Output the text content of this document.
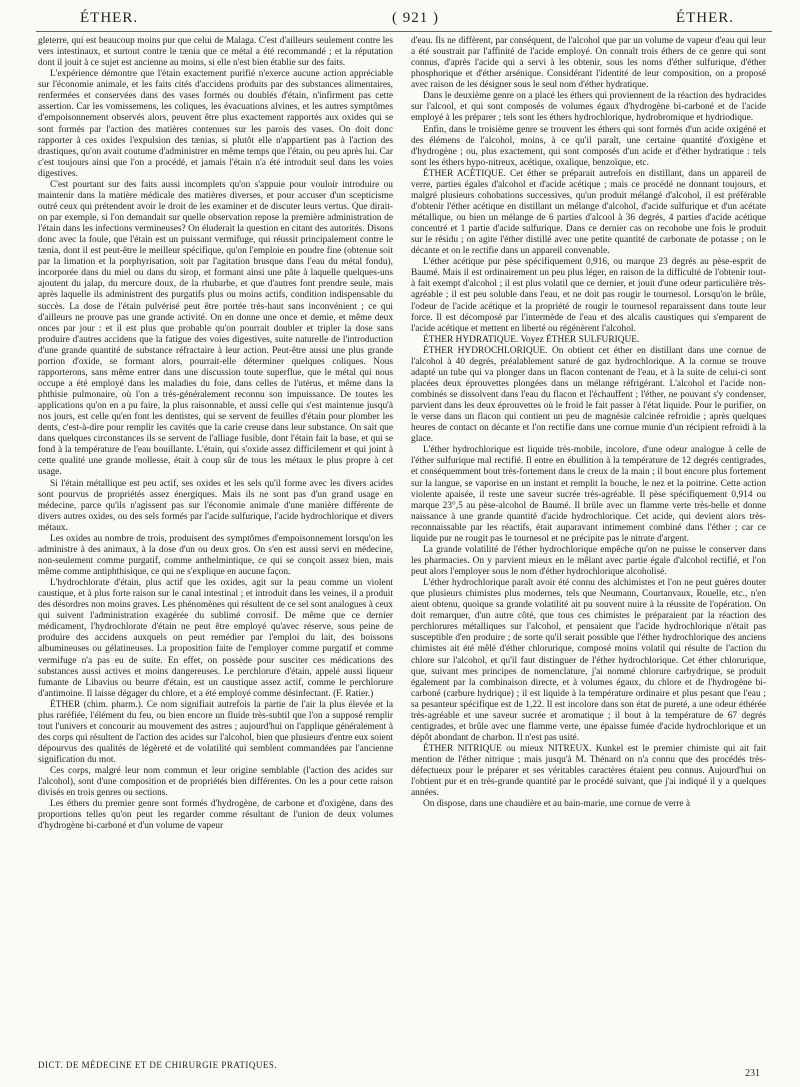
ÉTHER.	( 921 )	ÉTHER.

gleterre, qui est beaucoup moins pur que celui de Malaga. C'est d'ailleurs seulement contre les vers intestinaux, et surtout contre le tænia que ce métal a été recommandé ; et la réputation dont il jouit à ce sujet est ancienne au moins, si elle n'est bien établie sur des faits.

L'expérience démontre que l'étain exactement purifié n'exerce aucune action appréciable sur l'économie animale, et les faits cités d'accidens produits par des substances alimentaires, renfermées et conservées dans des vases formés ou doublés d'étain, n'infirment pas cette assertion. Car les vomissemens, les coliques, les évacuations alvines, et les autres symptômes d'empoisonnement observés alors, peuvent être plus exactement rapportés aux oxides qui se sont formés par l'action des matières contenues sur les parois des vases. On doit donc rapporter à ces oxides l'expulsion des tænias, si plutôt elle n'appartient pas à l'action des drastiques, qu'on avait coutume d'administrer en même temps que l'étain, ou peu après lui. Car c'est toujours ainsi que l'on a procédé, et jamais l'étain n'a été introduit seul dans les voies digestives.

C'est pourtant sur des faits aussi incomplets qu'on s'appuie pour vouloir introduire ou maintenir dans la matière médicale des matières diverses, et pour accuser d'un scepticisme outré ceux qui prétendent avoir le droit de les examiner et de discuter leurs vertus. Que dirait-on par exemple, si l'on demandait sur quelle observation repose la première administration de l'étain dans les infections vermineuses? On éluderait la question en citant des autorités. Disons donc avec la foule, que l'étain est un puissant vermifuge, qui réussit principalement contre le tænia, dont il est peut-être le meilleur spécifique, qu'on l'emploie en poudre fine (obtenue soit par la limation et la porphyrisation, soit par l'agitation brusque dans l'eau du métal fondu), incorporée dans du miel ou dans du sirop, et formant ainsi une pâte à laquelle quelques-uns ajoutent du jalap, du mercure doux, de la rhubarbe, et que d'autres font prendre seule, mais après laquelle ils administrent des purgatifs plus ou moins actifs, condition indispensable du succès. La dose de l'étain pulvérisé peut être portée très-haut sans inconvénient ; ce qui d'ailleurs ne prouve pas une grande activité. On en donne une once et demie, et même deux onces par jour : et il est plus que probable qu'on pourrait doubler et tripler la dose sans produire d'autres accidens que la fatigue des voies digestives, suite naturelle de l'introduction d'une grande quantité de substance réfractaire à leur action. Peut-être aussi une plus grande portion d'oxide, se formant alors, pourrait-elle déterminer quelques coliques. Nous rapporterons, sans même entrer dans une discussion toute superflue, que le métal qui nous occupe a été employé dans les maladies du foie, dans celles de l'utérus, et même dans la phthisie pulmonaire, où l'on a très-généralement reconnu son impuissance. De toutes les applications qu'on en a pu faire, la plus raisonnable, et aussi celle qui s'est maintenue jusqu'à nos jours, est celle qu'en font les dentistes, qui se servent de feuilles d'étain pour plomber les dents, c'est-à-dire pour remplir les cavités que la carie creuse dans leur substance. On sait que dans quelques circonstances ils se servent de l'alliage fusible, dont l'étain fait la base, et qui se fond à la température de l'eau bouillante. L'étain, qui s'oxide assez difficilement et qui joint à cette qualité une grande mollesse, était à coup sûr de tous les métaux le plus propre à cet usage.

Si l'étain métallique est peu actif, ses oxides et les sels qu'il forme avec les divers acides sont pourvus de propriétés assez énergiques. Mais ils ne sont pas d'un grand usage en médecine, parce qu'ils n'agissent pas sur l'économie animale d'une manière différente de divers autres oxides, ou des sels formés par l'acide sulfurique, l'acide hydrochlorique et divers métaux.

Les oxides au nombre de trois, produisent des symptômes d'empoisonnement lorsqu'on les administre à des animaux, à la dose d'un ou deux gros. On s'en est aussi servi en médecine, non-seulement comme purgatif, comme anthelmintique, ce qui se conçoit assez bien, mais même comme antiphthisique, ce qui ne s'explique en aucune façon.

L'hydrochlorate d'étain, plus actif que les oxides, agit sur la peau comme un violent caustique, et à plus forte raison sur le canal intestinal ; et introduit dans les veines, il a produit des désordres non moins graves. Les phénomènes qui résultent de ce sel sont analogues à ceux qui suivent l'administration exagérée du sublimé corrosif. De même que ce dernier médicament, l'hydrochlorate d'étain ne peut être employé qu'avec réserve, sous peine de produire des accidens auxquels on peut remédier par l'emploi du lait, des boissons albumineuses ou gélatineuses. La proposition faite de l'employer comme purgatif et comme vermifuge n'a pas eu de suite. En effet, on possède pour susciter ces médications des substances aussi actives et moins dangereuses. Le perchlorure d'étain, appelé aussi liqueur fumante de Libavius ou beurre d'étain, est un caustique assez actif, comme le perchlorure d'antimoine. Il laisse dégager du chlore, et a été employé comme désinfectant. (F. Ratier.)

ÉTHER (chim. pharm.). Ce nom signifiait autrefois la partie de l'air la plus élevée et la plus raréfiée, l'élément du feu, ou bien encore un fluide très-subtil que l'on a supposé remplir tout l'univers et concourir au mouvement des astres ; aujourd'hui on l'applique généralement à des corps qui résultent de l'action des acides sur l'alcohol, bien que plusieurs d'entre eux soient dépourvus des qualités de légèreté et de volatilité qui semblent commandées par l'ancienne signification du mot.

Ces corps, malgré leur nom commun et leur origine semblable (l'action des acides sur l'alcohol), sont d'une composition et de propriétés bien différentes. On les a pour cette raison divisés en trois genres ou sections.

Les éthers du premier genre sont formés d'hydrogène, de carbone et d'oxigène, dans des proportions telles qu'on peut les regarder comme résultant de l'union de deux volumes d'hydrogène bi-carboné et d'un volume de vapeur

d'eau. Ils ne diffèrent, par conséquent, de l'alcohol que par un volume de vapeur d'eau qui leur a été soustrait par l'affinité de l'acide employé. On connaît trois éthers de ce genre qui sont connus, d'après l'acide qui a servi à les obtenir, sous les noms d'éther sulfurique, d'éther phosphorique et d'éther arsénique. Considérant l'identité de leur composition, on a proposé avec raison de les désigner sous le seul nom d'éther hydratique.

Dans le deuxième genre on a placé les éthers qui proviennent de la réaction des hydracides sur l'alcool, et qui sont composés de volumes égaux d'hydrogène bi-carboné et de l'acide employé à les préparer ; tels sont les éthers hydrochlorique, hydrobromique et hydriodique.

Enfin, dans le troisième genre se trouvent les éthers qui sont formés d'un acide oxigéné et des élémens de l'alcohol, moins, à ce qu'il paraît, une certaine quantité d'oxigène et d'hydrogène ; ou, plus exactement, qui sont composés d'un acide et d'éther hydratique : tels sont les éthers hypo-nitreux, acétique, oxalique, benzoïque, etc.

ÉTHER ACÉTIQUE. Cet éther se préparait autrefois en distillant, dans un appareil de verre, parties égales d'alcohol et d'acide acétique ; mais ce procédé ne donnant toujours, et malgré plusieurs cohobations successives, qu'un produit mélangé d'alcohol, il est préférable d'obtenir l'éther acétique en distillant un mélange d'alcohol, d'acide sulfurique et d'un acétate métallique, ou bien un mélange de 6 parties d'alcool à 36 degrés, 4 parties d'acide acétique concentré et 1 partie d'acide sulfurique. Dans ce dernier cas on recohobe une fois le produit sur le résidu ; on agite l'éther distillé avec une petite quantité de carbonate de potasse ; on le décante et on le rectifie dans un appareil convenable.

L'éther acétique pur pèse spécifiquement 0,916, ou marque 23 degrés au pèse-esprit de Baumé. Mais il est ordinairement un peu plus léger, en raison de la difficulté de l'obtenir tout-à fait exempt d'alcohol ; il est plus volatil que ce dernier, et jouit d'une odeur particulière très-agréable ; il est peu soluble dans l'eau, et ne doit pas rougir le tournesol. Lorsqu'on le brûle, l'odeur de l'acide acétique et la propriété de rougir le tournesol reparaissent dans toute leur force. Il est décomposé par l'intermède de l'eau et des alcalis caustiques qui s'emparent de l'acide acétique et mettent en liberté ou régénèrent l'alcohol.

ÉTHER HYDRATIQUE. Voyez ÉTHER SULFURIQUE.

ÉTHER HYDROCHLORIQUE. On obtient cet éther en distillant dans une cornue de l'alcohol à 40 degrés, préalablement saturé de gaz hydrochlorique. A la cornue se trouve adapté un tube qui va plonger dans un flacon contenant de l'eau, et à la suite de celui-ci sont placées deux éprouvettes plongées dans un mélange réfrigérant. L'alcohol et l'acide non-combinés se dissolvent dans l'eau du flacon et l'échauffent ; l'éther, ne pouvant s'y condenser, parvient dans les deux éprouvettes où le froid le fait passer à l'état liquide. Pour le purifier, on le verse dans un flacon qui contient un peu de magnésie calcinée refroidie ; après quelques heures de contact on décante et l'on rectifie dans une cornue munie d'un récipient refroidi à la glace.

L'éther hydrochlorique est liquide très-mobile, incolore, d'une odeur analogue à celle de l'éther sulfurique mal rectifié. Il entre en ébullition à la température de 12 degrés centigrades, et conséquemment bout très-fortement dans le creux de la main ; il bout encore plus fortement sur la langue, se vaporise en un instant et remplit la bouche, le nez et la poitrine. Cette action violente apaisée, il reste une saveur sucrée très-agréable. Il pèse spécifiquement 0,914 ou marque 23°,5 au pèse-alcohol de Baumé. Il brûle avec un flamme verte très-belle et donne naissance à une grande quantité d'acide hydrochlorique. Cet acide, qui devient alors très-reconnaissable par les réactifs, était auparavant intimement combiné dans l'éther ; car ce liquide pur ne rougit pas le tournesol et ne précipite pas le nitrate d'argent.

La grande volatilité de l'éther hydrochlorique empêche qu'on ne puisse le conserver dans les pharmacies. On y parvient mieux en le mêlant avec partie égale d'alcohol rectifié, et l'on peut alors l'employer sous le nom d'éther hydrochlorique alcoholisé.

L'éther hydrochlorique paraît avoir été connu des alchimistes et l'on ne peut guères douter que plusieurs chimistes plus modernes, tels que Neumann, Courtanvaux, Rouelle, etc., n'en aient obtenu, quoique sa grande volatilité ait pu souvent nuire à la réussite de l'opération. On doit remarquer, d'un autre côté, que tous ces chimistes le préparaient par la réaction des perchlorures métalliques sur l'alcohol, et pensaient que l'acide hydrochlorique n'était pas susceptible d'en produire ; de sorte qu'il serait possible que l'éther hydrochlorique des anciens chimistes ait été mêlé d'éther chlorurique, composé moins volatil qui résulte de l'action du chlore sur l'alcohol, et qu'il faut distinguer de l'éther hydrochlorique. Cet éther chlorurique, que, suivant mes principes de nomenclature, j'ai nommé chlorure carbydrique, se produit également par la combinaison directe, et à volumes égaux, du chlore et de l'hydrogène bi-carboné (carbure hydrique) ; il est liquide à la température ordinaire et plus pesant que l'eau ; sa pesanteur spécifique est de 1,22. Il est incolore dans son état de pureté, a une odeur éthérée très-agréable et une saveur sucrée et aromatique ; il bout à la température de 67 degrés centigrades, et brûle avec une flamme verte, une épaisse fumée d'acide hydrochlorique et un dépôt abondant de charbon. Il n'est pas usité.

ÉTHER NITRIQUE ou mieux NITREUX. Kunkel est le premier chimiste qui ait fait mention de l'éther nitrique ; mais jusqu'à M. Thénard on n'a connu que des procédés très-défectueux pour le préparer et ses véritables caractères étaient peu connus. Aujourd'hui on l'obtient pur et en très-grande quantité par le procédé suivant, que j'ai indiqué il y a quelques années.

On dispose, dans une chaudière et au bain-marie, une cornue de verre à

DICT. DE MÉDECINE ET DE CHIRURGIE PRATIQUES.
231
